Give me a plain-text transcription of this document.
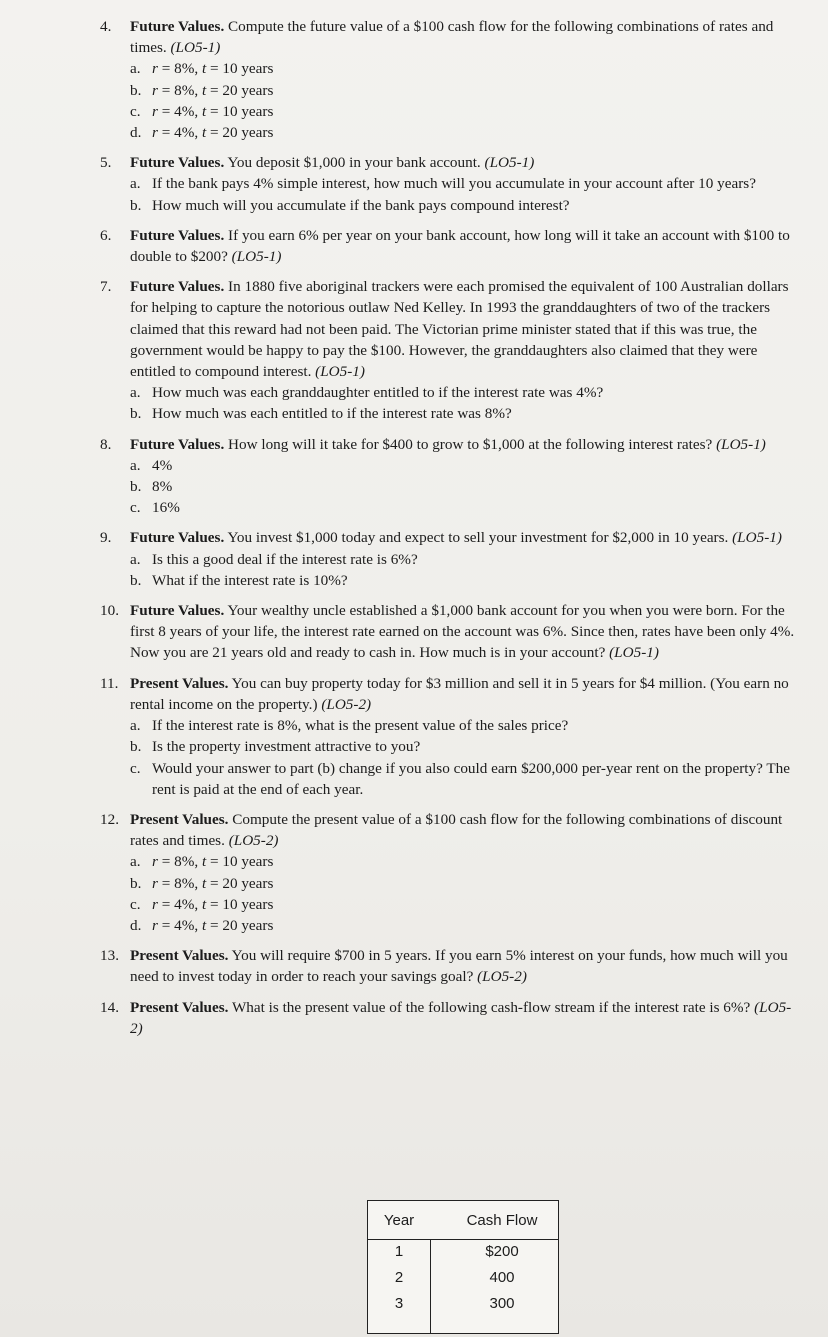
4.	Future Values. Compute the future value of a $100 cash flow for the following combinations of rates and times. (LO5-1)
a. r = 8%, t = 10 years
b. r = 8%, t = 20 years
c. r = 4%, t = 10 years
d. r = 4%, t = 20 years
5.	Future Values. You deposit $1,000 in your bank account. (LO5-1)
a. If the bank pays 4% simple interest, how much will you accumulate in your account after 10 years?
b. How much will you accumulate if the bank pays compound interest?
6.	Future Values. If you earn 6% per year on your bank account, how long will it take an account with $100 to double to $200? (LO5-1)
7.	Future Values. In 1880 five aboriginal trackers were each promised the equivalent of 100 Australian dollars for helping to capture the notorious outlaw Ned Kelley. In 1993 the granddaughters of two of the trackers claimed that this reward had not been paid. The Victorian prime minister stated that if this was true, the government would be happy to pay the $100. However, the granddaughters also claimed that they were entitled to compound interest. (LO5-1)
a. How much was each granddaughter entitled to if the interest rate was 4%?
b. How much was each entitled to if the interest rate was 8%?
8.	Future Values. How long will it take for $400 to grow to $1,000 at the following interest rates? (LO5-1)
a. 4%
b. 8%
c. 16%
9.	Future Values. You invest $1,000 today and expect to sell your investment for $2,000 in 10 years. (LO5-1)
a. Is this a good deal if the interest rate is 6%?
b. What if the interest rate is 10%?
10. Future Values. Your wealthy uncle established a $1,000 bank account for you when you were born. For the first 8 years of your life, the interest rate earned on the account was 6%. Since then, rates have been only 4%. Now you are 21 years old and ready to cash in. How much is in your account? (LO5-1)
11. Present Values. You can buy property today for $3 million and sell it in 5 years for $4 million. (You earn no rental income on the property.) (LO5-2)
a. If the interest rate is 8%, what is the present value of the sales price?
b. Is the property investment attractive to you?
c. Would your answer to part (b) change if you also could earn $200,000 per-year rent on the property? The rent is paid at the end of each year.
12. Present Values. Compute the present value of a $100 cash flow for the following combinations of discount rates and times. (LO5-2)
a. r = 8%, t = 10 years
b. r = 8%, t = 20 years
c. r = 4%, t = 10 years
d. r = 4%, t = 20 years
13. Present Values. You will require $700 in 5 years. If you earn 5% interest on your funds, how much will you need to invest today in order to reach your savings goal? (LO5-2)
14. Present Values. What is the present value of the following cash-flow stream if the interest rate is 6%? (LO5-2)
Year	Cash Flow
1	$200
2	400
3	300
